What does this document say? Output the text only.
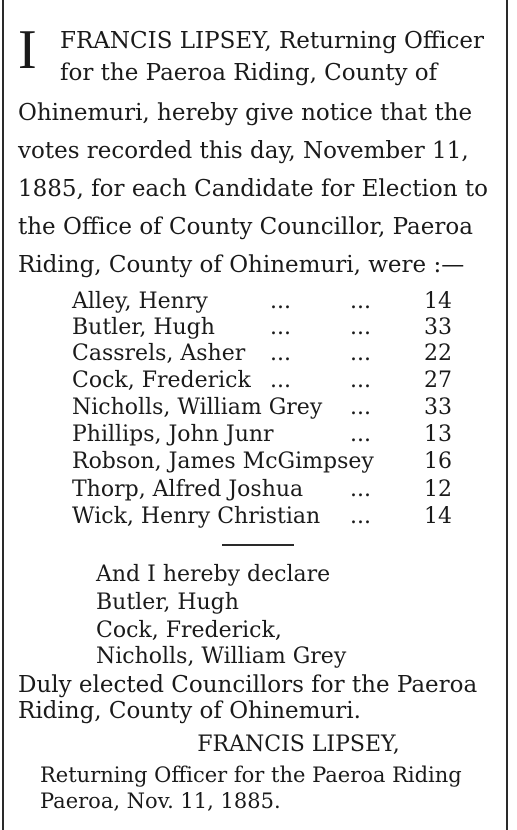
I FRANCIS LIPSEY, Returning Officer
for the Paeroa Riding, County of
Ohinemuri, hereby give notice that the
votes recorded this day, November 11,
1885, for each Candidate for Election to
the Office of County Councillor, Paeroa
Riding, County of Ohinemuri, were :—
Alley, Henry	...	... 14
Butler, Hugh	...	... 33
Cassrels, Asher ...	... 22
Cock, Frederick ...	... 27
Nicholls, William Grey ... 33
Phillips, John Junr	... 13
Robson, James McGimpsey 16
Thorp, Alfred Joshua ... 12
Wick, Henry Christian ... 14
And I hereby declare
Butler, Hugh
Cock, Frederick,
Nicholls, William Grey
Duly elected Councillors for the Paeroa
Riding, County of Ohinemuri.
FRANCIS LIPSEY,
Returning Officer for the Paeroa Riding
Paeroa, Nov. 11, 1885.
